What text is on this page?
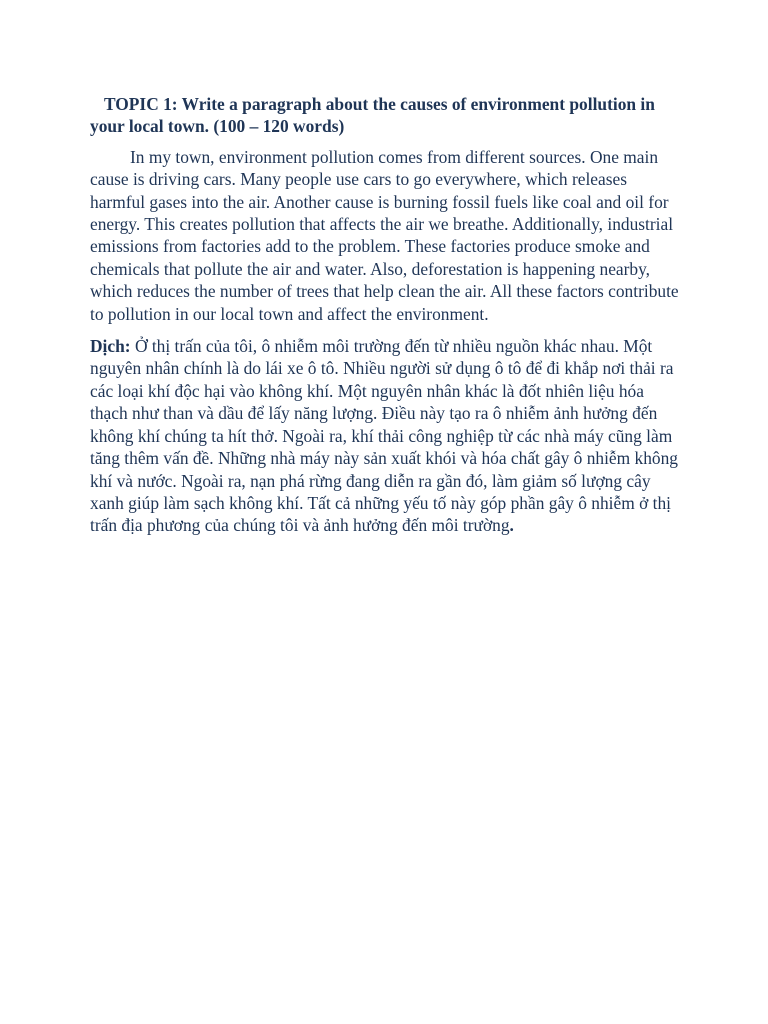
TOPIC 1: Write a paragraph about the causes of environment pollution in your local town. (100 – 120 words)

In my town, environment pollution comes from different sources. One main cause is driving cars. Many people use cars to go everywhere, which releases harmful gases into the air. Another cause is burning fossil fuels like coal and oil for energy. This creates pollution that affects the air we breathe. Additionally, industrial emissions from factories add to the problem. These factories produce smoke and chemicals that pollute the air and water. Also, deforestation is happening nearby, which reduces the number of trees that help clean the air. All these factors contribute to pollution in our local town and affect the environment.

Dịch: Ở thị trấn của tôi, ô nhiễm môi trường đến từ nhiều nguồn khác nhau. Một nguyên nhân chính là do lái xe ô tô. Nhiều người sử dụng ô tô để đi khắp nơi thải ra các loại khí độc hại vào không khí. Một nguyên nhân khác là đốt nhiên liệu hóa thạch như than và dầu để lấy năng lượng. Điều này tạo ra ô nhiễm ảnh hưởng đến không khí chúng ta hít thở. Ngoài ra, khí thải công nghiệp từ các nhà máy cũng làm tăng thêm vấn đề. Những nhà máy này sản xuất khói và hóa chất gây ô nhiễm không khí và nước. Ngoài ra, nạn phá rừng đang diễn ra gần đó, làm giảm số lượng cây xanh giúp làm sạch không khí. Tất cả những yếu tố này góp phần gây ô nhiễm ở thị trấn địa phương của chúng tôi và ảnh hưởng đến môi trường.
